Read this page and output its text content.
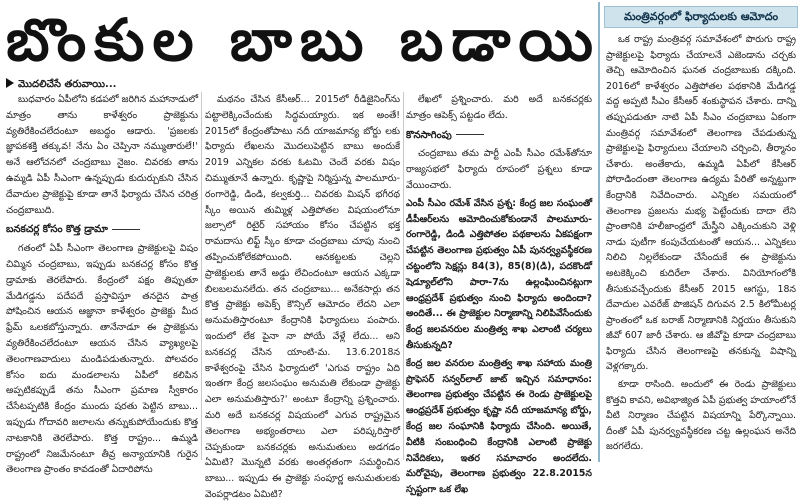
బొంకుల బాబు బడాయి
మొదలిచేసే తరువాయి...

బుధవారం ఏపీలోని కడపలో జరిగిన మహానాడులో మాత్రం తాను కాళేశ్వరం ప్రాజెక్టును వ్యతిరేకించలేదంటూ అబద్ధం ఆడారు. 'ప్రజలకు జ్ఞాపకశక్తి తక్కువ! నేను ఏం చెప్పినా నమ్ముతారులే!' అనే ఆలోచనలో చంద్రబాబు నైజం. చివరకు తాను ఉమ్మడి ఏపీ సీఎంగా ఉన్నప్పుడు కుదుర్చుకుని చేసిన దేవాదుల ప్రాజెక్టుపై కూడా తానే ఫిర్యాదు చేసిన చరిత్ర చంద్రబాబుది.

బనకచర్ల కోసం కొత్త డ్రామా

గతంలో ఏపీ సీఎంగా తెలంగాణ ప్రాజెక్టులపై విషం చిమ్మిన చంద్రబాబు, ఇప్పుడు బనకచర్ల కోసం కొత్త డ్రామాకు తెరలేపారు. కేంద్రంలో పక్షం తిప్పుతూ మేడిగడ్డను పదేపదే ప్రస్తావిస్తూ తనదైన పాత్ర పోషించిన ఆయన ఆజ్ఞానా కాళేశ్వరం ప్రాజెక్టు మీద ఫ్రేమ్ ఒలకబోస్తున్నారు. తానేనాడూ ఈ ప్రాజెక్టును వ్యతిరేకించలేదంటూ ఆయన చేసిన వ్యాఖ్యలపై తెలంగాణవాదులు మండిపడుతున్నారు. పోలవరం కోసం ఐదు మండలాలను ఏపీలో కలిపిన అప్పటికప్పుడే తను సీఎంగా ప్రమాణ స్వీకారం చేసేటప్పటికి కేంద్రం ముందు షరతు పెట్టిన బాబు... ఇప్పుడు గోదావరి జలాలను తన్నుకుపోయేందుకు కొత్త నాటకానికి తెరలేపారు. కొత్త రాష్ట్రం... ఉమ్మడి రాష్ట్రంలో నిజమేనంటూ తీవ్ర అన్యాయానికి గురైన తెలంగాణ ప్రాంతం కావడంతో ఏదారిపోను

మథనం చేసిన కేసీఆర్... 2015లో రీడిజైనింగ్‌ను పట్టాలెక్కించేందుకు సిద్ధమయ్యారు. ఇక అంతే! 2015లో కేంద్రంతోపాటు నదీ యాజమాన్య బోర్డు లకు ఫిర్యాదు లేఖలను మొదలుపెట్టిన బాబు అందుకే 2019 ఎన్నికల వరకు ఓటమి చెందే వరకు విషం చిమ్ముతూనే ఉన్నారు. కృష్ణాపై నిర్మిస్తున్న పాలమూరు-రంగారెడ్డి, డిండి, కల్వకుర్తి... చివరకు మిషన్ భగీరథ స్కీం అయిన తుమ్మిళ్ల ఎత్తిపోతల విషయంలోనూ జల్సాలో రిటైర్ సహాయం కోసం చేపట్టిన భక్త రామదాసు లిఫ్ట్ స్కీం కూడా చంద్రబాబు చూపు నుంచి తప్పించుకోలేకపోయింది. ఆనకట్టలకు చెల్లని ప్రాజెక్టులకు తానే అడ్డు లేచిందంటూ ఆయన ఎక్కడా బిలబలమనలేదు. తన చంద్రబాబు... అనేకసార్లు తన కొత్త ప్రాజెక్టు అపెక్స్ కౌన్సిల్ ఆమోదం లేదని ఎలా అనుమతిస్తారంటూ కేంద్రానికి ఫిర్యాదులు పంపారు. ఇందులో లేక పైనా నా పోయే వేళ్లే లేదు... అని బనకచర్ల చేసిన యాంటి-మ. 13.6.2018న కాళేశ్వరంపై చేసిన ఫిర్యాదులో 'ఎగువ రాష్ట్రం ఏది ఇంతగా కేంద్ర జలసంఘం అనుమతి లేకుండా ప్రాజెక్టు ఎలా అనుమతిస్తారు?' అంటూ కేంద్రాన్ని ప్రశ్నించారు. మరి అదే బనకచర్ల విషయంలో ఎగువ రాష్ట్రమైన తెలంగాణ అభ్యంతరాలు ఎలా పరిష్కరిస్తారో చెప్పకుండా బనకచర్లకు అనుమతులు అడగడం ఏమిటి? మొన్నటి వరకు అంతర్గతంగా సమర్థించిన బాబు... ఇప్పుడు ఈ ప్రాజెక్టు సంపూర్ణ అనుమతులకు వెంపర్లాడటం ఏమిటి?

లేఖలో ప్రశ్నించారు. మరి అదే బనకచర్లకు మాత్రం ఆపెక్స్ పట్టడం లేదు.

కొనసాగింపు

చంద్రబాబు తమ పార్టీ ఎంపీ సీఎం రమేశ్‌తోనూ రాజ్యసభలో ఫిర్యాదు రూపంలో ప్రశ్నలు కూడా వేయించారు.

ఎంపీ సీఎం రమేశ్ వేసిన ప్రశ్న: కేంద్ర జల సంఘంతో డీపీఆర్‌లను ఆమోదించుకోకుండానే పాలమూరు-రంగారెడ్డి, డిండి ఎత్తిపోతల పథకాలను ఏకపక్షంగా చేపట్టిన తెలంగాణ ప్రభుత్వం ఏపీ పునర్వ్యవస్థీకరణ చట్టంలోని సెక్షన్లు 84(3), 85(8)(డి), పదకొండో షెడ్యూల్‌లోని పారా-7ను ఉల్లంఘించినట్లుగా ఆంధ్రప్రదేశ్ ప్రభుత్వం నుంచి ఫిర్యాదు అందిందా? అందితే... ఈ ప్రాజెక్టుల నిర్మాణాన్ని నిలిపివేసేందుకు కేంద్ర జలవనరుల మంత్రిత్వ శాఖ ఎలాంటి చర్యలు తీసుకున్నది?

కేంద్ర జల వనరుల మంత్రిత్వ శాఖ సహాయ మంత్రి ప్రొఫెసర్ సన్వర్‌లాల్ జాట్ ఇచ్చిన సమాధానం: తెలంగాణ ప్రభుత్వం చేపట్టిన ఈ రెండు ప్రాజెక్టులపై ఆంధ్రప్రదేశ్ ప్రభుత్వం కృష్ణా నదీ యాజమాన్య బోర్డు, కేంద్ర జల సంఘానికి ఫిర్యాదు చేసింది. అయితే, వీటికి సంబంధించి కేంద్రానికి ఎలాంటి ప్రాజెక్టు నివేదికలు, ఇతర సమాచారం అందలేదు. మరోవైపు, తెలంగాణ ప్రభుత్వం 22.8.2015న స్పష్టంగా ఒక లేఖ

మంత్రివర్గంలో ఫిర్యాదులకు ఆమోదం

ఒక రాష్ట్ర మంత్రివర్గ సమావేశంలో పొరుగు రాష్ట్ర ప్రాజెక్టులపై ఫిర్యాదు చేయాలనే ఎజెండాను చర్చకు తెచ్చి ఆమోదించిన ఘనత చంద్రబాబుకు దక్కింది. 2016లో కాళేశ్వరం ఎత్తిపోతల పథకానికి మేడిగడ్డ వద్ద అప్పటి సీఎం కేసీఆర్ శంకుస్థాపన చేశారు. దాన్ని తప్పుపడుతూ నాటి ఏపీ సీఎం చంద్రబాబు ఏకంగా మంత్రివర్గ సమావేశంలో తెలంగాణ చేపడుతున్న ప్రాజెక్టులపై ఫిర్యాదులు చేయాలని చర్చించి, తీర్మానం చేశారు. అంతేకాదు, ఉమ్మడి ఏపీలో కేసీఆర్ పోరాడిందంతా తెలంగాణ ఉద్యమ పేరితో అన్నట్టుగా కేంద్రానికి నివేదించారు. ఎన్నికల సమయంలో తెలంగాణ ప్రజలను మభ్య పెట్టేందుకు దాదా లేని ప్రాంతానికి హలీజాంధ్రలో మేస్త్రీని ఎక్కించుకుని వెళ్లి నాడు పుటీగా కంపుచేయటంతో ఆయన... ఎన్నికలు నిలిచి నిల్లలేకుండా చేసేందుకే ఈ ప్రాజెక్టును అటకెక్కించి కుదిరేలా చేశారు. వినియోగంలోకి తీసుకువచ్చేందుకు కేసీఆర్ 2015 ఆగస్టు, 18న దేవాదుల ఎవరేజ్ పొజిషన్ దిగువన 2.5 కిలోమీటర్ల ప్రాంతంలో ఒక బరాజ్ నిర్మాణానికి నిర్ణయం తీసుకుని జీవో 607 జారీ చేశారు. ఆ జీవోపై కూడా చంద్రబాబు ఫిర్యాదు చేసిన తెలంగాణపై తనకున్న విషాన్ని వెళ్లగక్కారు.

కూడా రాసింది. అందులో ఈ రెండు ప్రాజెక్టులు కొత్తవి కావని, అవిభాజ్యిత ఏపీ ప్రభుత్వ హయాంలోనే వీటి నిర్మాణం చేపట్టిన విషయాన్ని పేర్కొన్నాయి. దీంతో ఏపీ పునర్వ్యవస్థీకరణ చట్ట ఉల్లంఘన అనేది జరగలేదు.
